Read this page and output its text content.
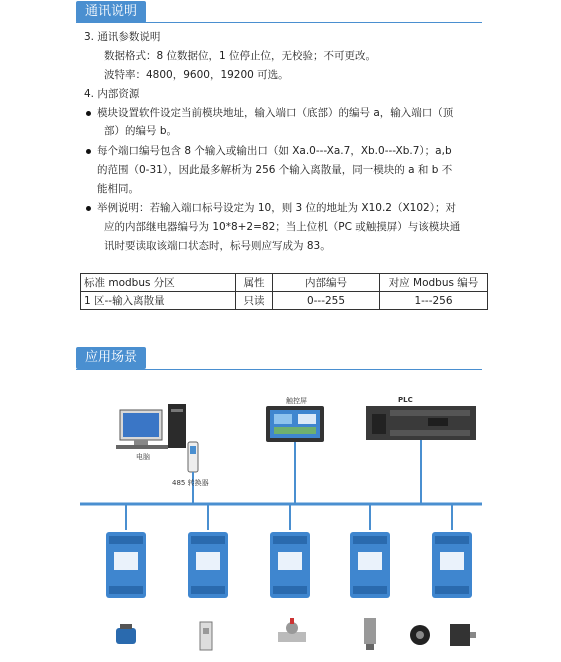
通讯说明
3. 通讯参数说明
数据格式：8 位数据位，1 位停止位，无校验；不可更改。
波特率：4800，9600，19200 可选。
4. 内部资源
模块设置软件设定当前模块地址，输入端口（底部）的编号 a，输入端口（顶
部）的编号 b。
每个端口编号包含 8 个输入或输出口（如 Xa.0---Xa.7，Xb.0---Xb.7）；a,b
的范围（0-31），因此最多解析为 256 个输入离散量，同一模块的 a 和 b 不
能相同。
举例说明：若输入端口标号设定为 10，则 3 位的地址为 X10.2（X102）；对
应的内部继电器编号为 10*8+2=82；当上位机（PC 或触摸屏）与该模块通
讯时要读取该端口状态时，标号则应写成为 83。
标准 modbus 分区	属性	内部编号	对应 Modbus 编号
1 区--输入离散量	只读	0---255	1---256
应用场景
电脑
485 转换器
触控屏	PLC
